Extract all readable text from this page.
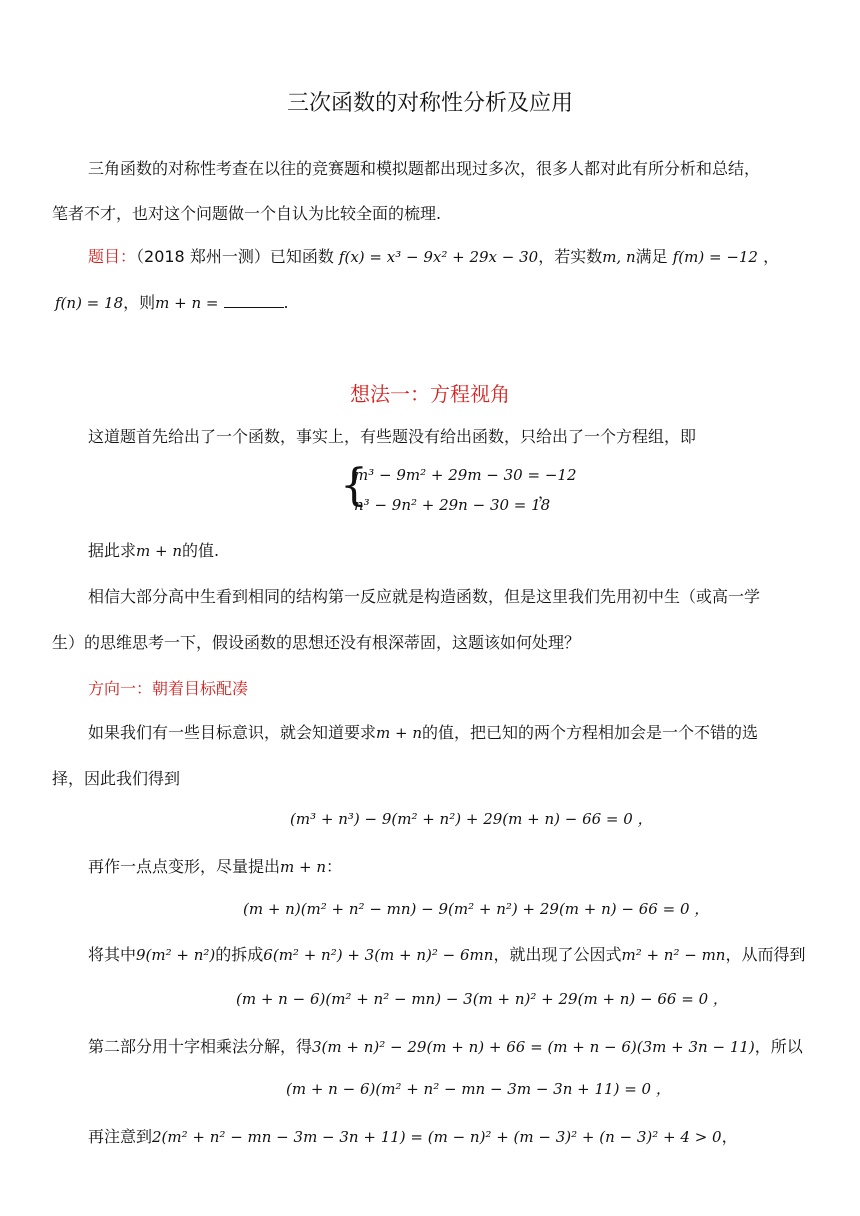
三次函数的对称性分析及应用
三角函数的对称性考查在以往的竞赛题和模拟题都出现过多次，很多人都对此有所分析和总结，
笔者不才，也对这个问题做一个自认为比较全面的梳理.
题目：（2018 郑州一测）已知函数 f(x) = x³ − 9x² + 29x − 30，若实数m, n满足 f(m) = −12 ，
f(n) = 18，则m + n =	.
想法一：方程视角
这道题首先给出了一个函数，事实上，有些题没有给出函数，只给出了一个方程组，即
{
m³ − 9m² + 29m − 30 = −12
n³ − 9n² + 29n − 30 = 18
，
据此求m + n的值.
相信大部分高中生看到相同的结构第一反应就是构造函数，但是这里我们先用初中生（或高一学
生）的思维思考一下，假设函数的思想还没有根深蒂固，这题该如何处理？
方向一：朝着目标配凑
如果我们有一些目标意识，就会知道要求m + n的值，把已知的两个方程相加会是一个不错的选
择，因此我们得到
(m³ + n³) − 9(m² + n²) + 29(m + n) − 66 = 0 ，
再作一点点变形，尽量提出m + n：
(m + n)(m² + n² − mn) − 9(m² + n²) + 29(m + n) − 66 = 0 ，
将其中9(m² + n²)的拆成6(m² + n²) + 3(m + n)² − 6mn，就出现了公因式m² + n² − mn，从而得到
(m + n − 6)(m² + n² − mn) − 3(m + n)² + 29(m + n) − 66 = 0 ，
第二部分用十字相乘法分解，得3(m + n)² − 29(m + n) + 66 = (m + n − 6)(3m + 3n − 11)，所以
(m + n − 6)(m² + n² − mn − 3m − 3n + 11) = 0 ，
再注意到2(m² + n² − mn − 3m − 3n + 11) = (m − n)² + (m − 3)² + (n − 3)² + 4 > 0，
